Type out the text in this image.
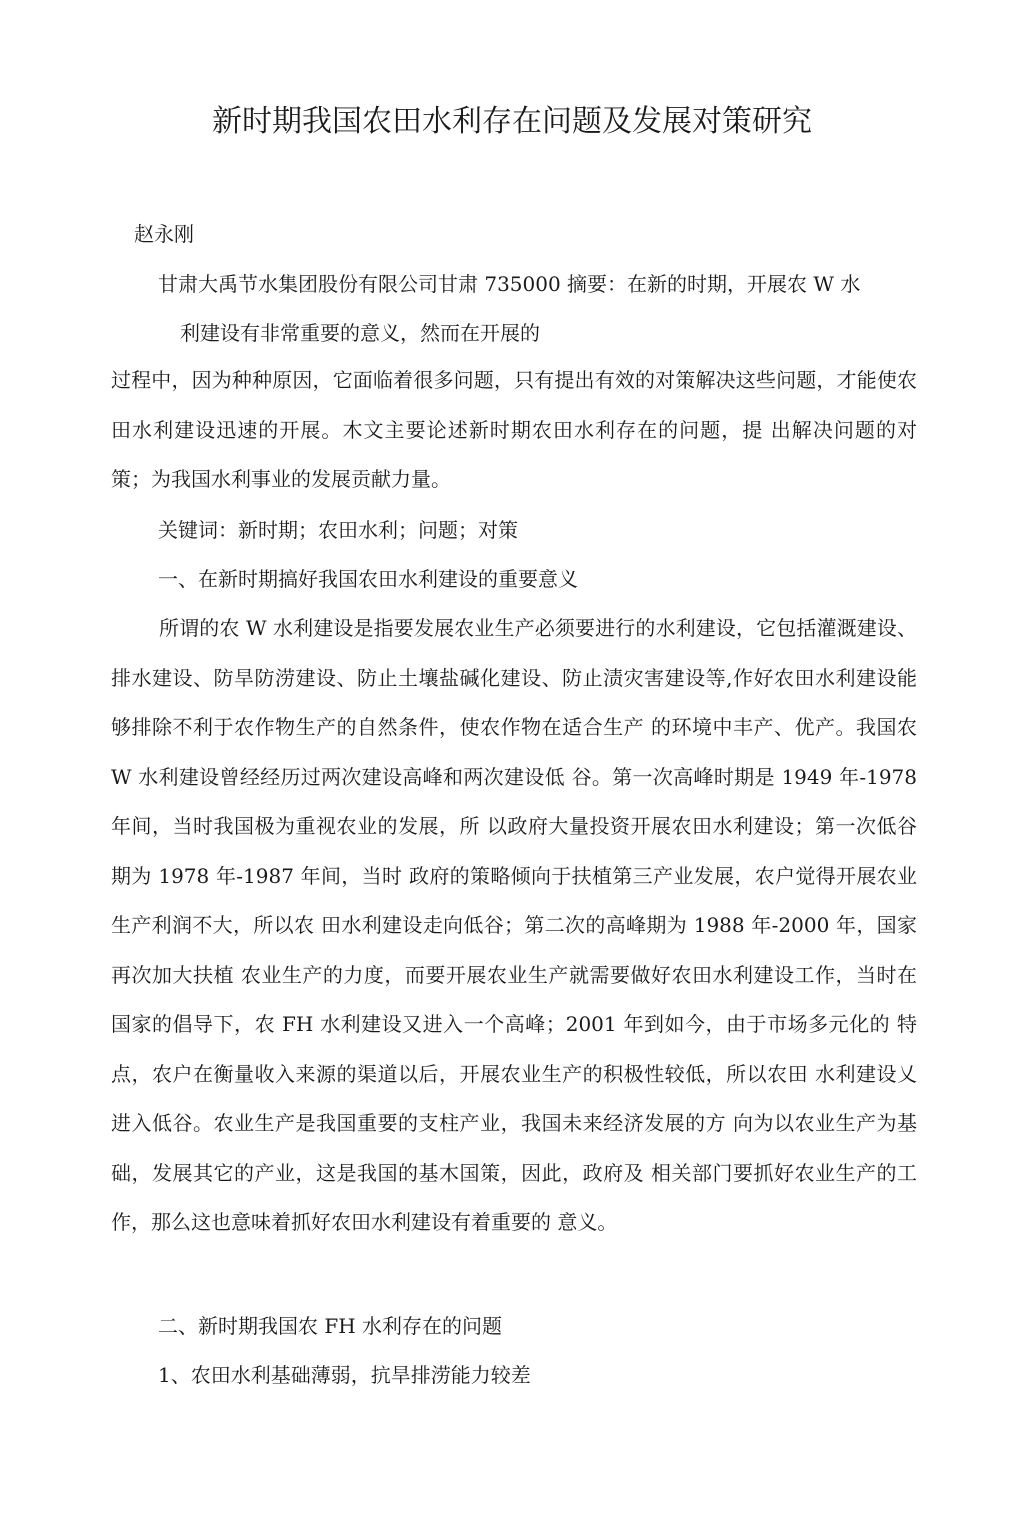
新时期我国农田水利存在问题及发展对策研究

赵永刚

甘肃大禹节水集团股份有限公司甘肃 735000 摘要：在新的时期，开展农 W 水

利建设有非常重要的意义，然而在开展的

过程中，因为种种原因，它面临着很多问题，只有提出有效的对策解决这些问题，才能使农田水利建设迅速的开展。木文主要论述新时期农田水利存在的问题，提 出解决问题的对策；为我国水利事业的发展贡献力量。

关键词：新时期；农田水利；问题；对策

一、在新时期搞好我国农田水利建设的重要意义

所谓的农 W 水利建设是指要发展农业生产必须要进行的水利建设，它包括灌溉建设、排水建设、防旱防涝建设、防止土壤盐碱化建设、防止渍灾害建设等,作好农田水利建设能够排除不利于农作物生产的自然条件，使农作物在适合生产 的环境中丰产、优产。我国农 W 水利建设曾经经历过两次建设高峰和两次建设低 谷。第一次高峰时期是 1949 年-1978 年间，当时我国极为重视农业的发展，所 以政府大量投资开展农田水利建设；第一次低谷期为 1978 年-1987 年间，当时 政府的策略倾向于扶植第三产业发展，农户觉得开展农业生产利润不大，所以农 田水利建设走向低谷；第二次的高峰期为 1988 年-2000 年，国家再次加大扶植 农业生产的力度，而要开展农业生产就需要做好农田水利建设工作，当时在国家的倡导下，农 FH 水利建设又进入一个高峰；2001 年到如今，由于市场多元化的 特点，农户在衡量收入来源的渠道以后，开展农业生产的积极性较低，所以农田 水利建设乂进入低谷。农业生产是我国重要的支柱产业，我国未来经济发展的方 向为以农业生产为基础，发展其它的产业，这是我国的基木国策，因此，政府及 相关部门要抓好农业生产的工作，那么这也意味着抓好农田水利建设有着重要的 意义。

二、新时期我国农 FH 水利存在的问题

1、农田水利基础薄弱，抗旱排涝能力较差
